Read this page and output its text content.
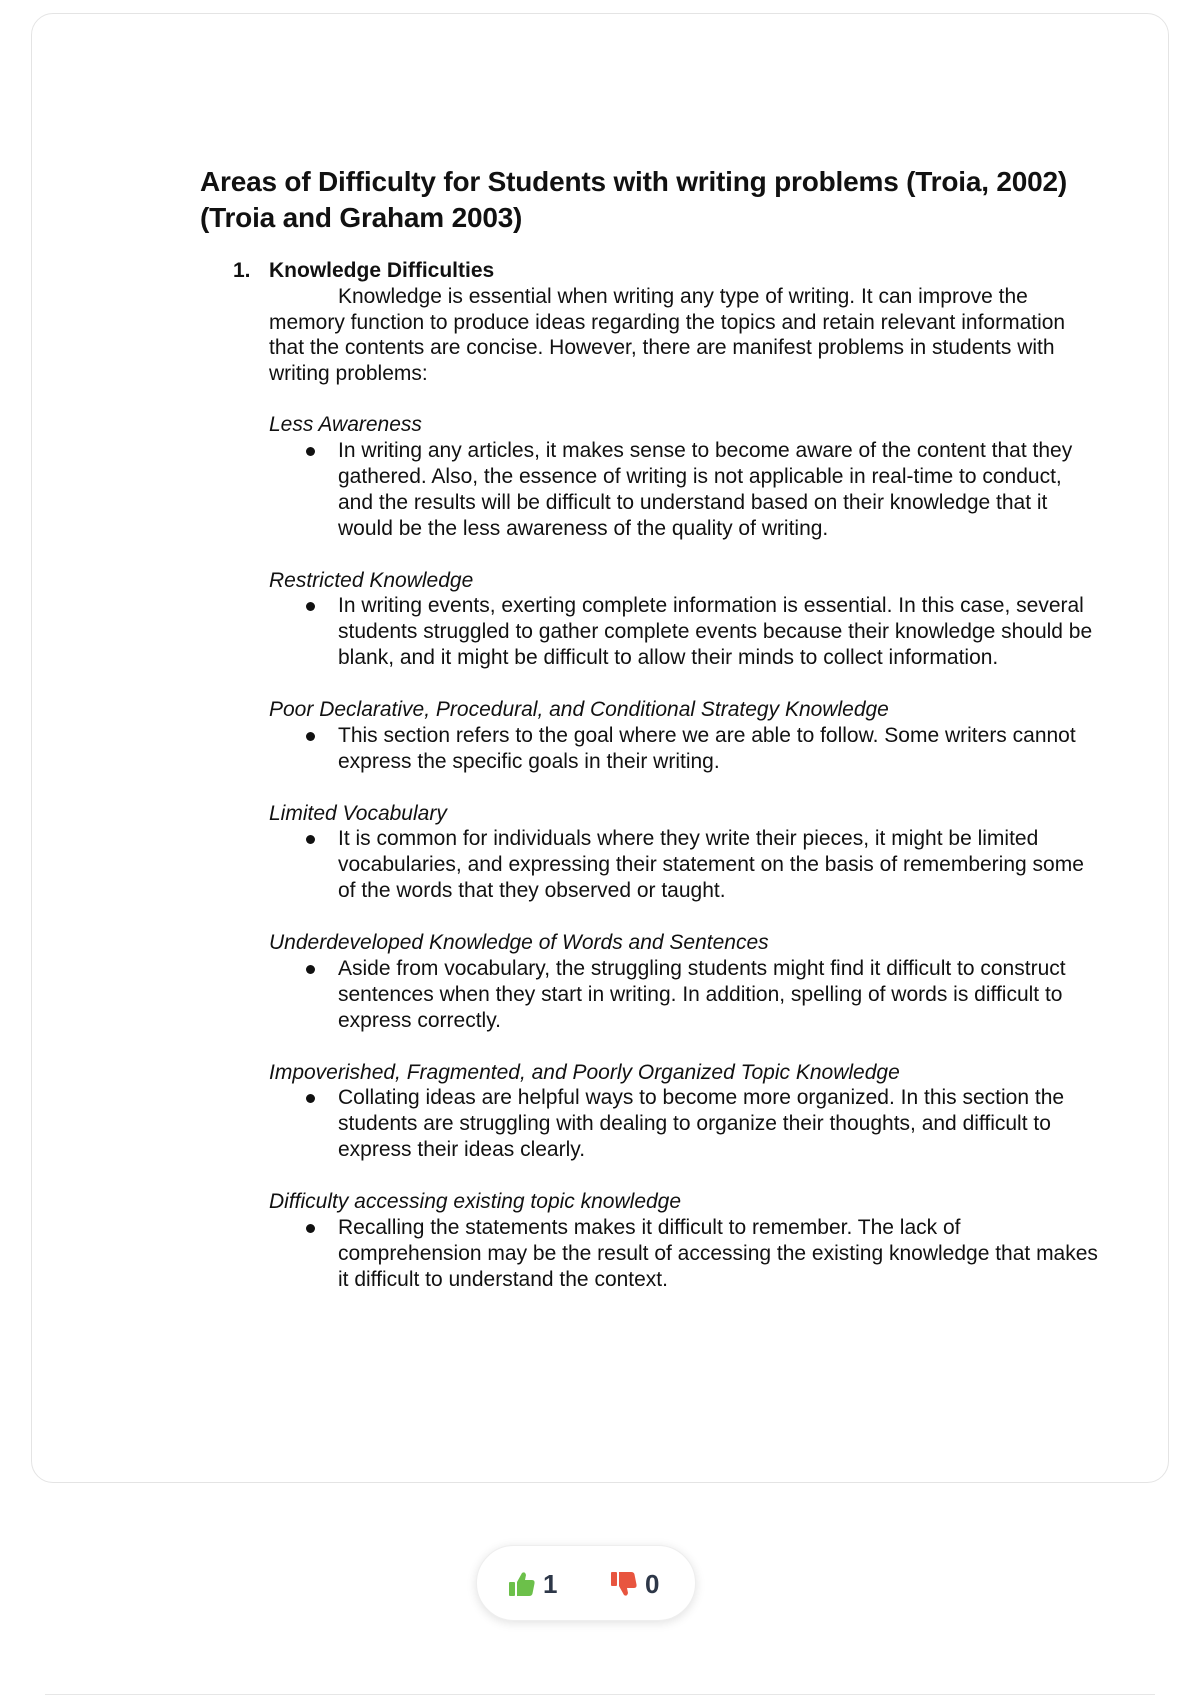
Areas of Difficulty for Students with writing problems (Troia, 2002) (Troia and Graham 2003)
1. Knowledge Difficulties

Knowledge is essential when writing any type of writing. It can improve the memory function to produce ideas regarding the topics and retain relevant information that the contents are concise. However, there are manifest problems in students with writing problems:

Less Awareness
In writing any articles, it makes sense to become aware of the content that they gathered. Also, the essence of writing is not applicable in real-time to conduct, and the results will be difficult to understand based on their knowledge that it would be the less awareness of the quality of writing.
Restricted Knowledge
In writing events, exerting complete information is essential. In this case, several students struggled to gather complete events because their knowledge should be blank, and it might be difficult to allow their minds to collect information.
Poor Declarative, Procedural, and Conditional Strategy Knowledge
This section refers to the goal where we are able to follow. Some writers cannot express the specific goals in their writing.
Limited Vocabulary
It is common for individuals where they write their pieces, it might be limited vocabularies, and expressing their statement on the basis of remembering some of the words that they observed or taught.
Underdeveloped Knowledge of Words and Sentences
Aside from vocabulary, the struggling students might find it difficult to construct sentences when they start in writing. In addition, spelling of words is difficult to express correctly.
Impoverished, Fragmented, and Poorly Organized Topic Knowledge
Collating ideas are helpful ways to become more organized. In this section the students are struggling with dealing to organize their thoughts, and difficult to express their ideas clearly.
Difficulty accessing existing topic knowledge
Recalling the statements makes it difficult to remember. The lack of comprehension may be the result of accessing the existing knowledge that makes it difficult to understand the context.
1	0
